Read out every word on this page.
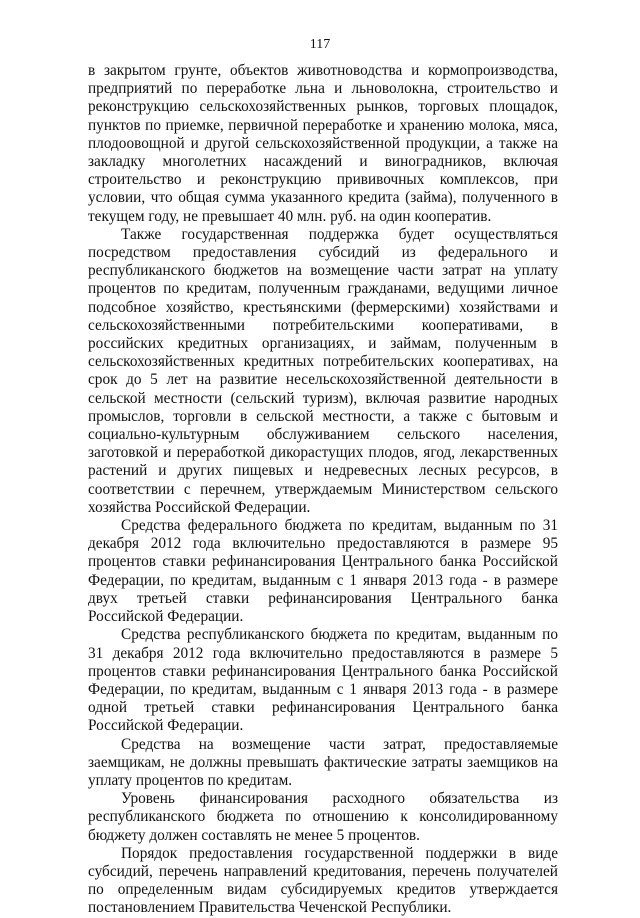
117

в закрытом грунте, объектов животноводства и кормопроизводства, предприятий по переработке льна и льноволокна, строительство и реконструкцию сельскохозяйственных рынков, торговых площадок, пунктов по приемке, первичной переработке и хранению молока, мяса, плодоовощной и другой сельскохозяйственной продукции, а также на закладку многолетних насаждений и виноградников, включая строительство и реконструкцию прививочных комплексов, при условии, что общая сумма указанного кредита (займа), полученного в текущем году, не превышает 40 млн. руб. на один кооператив.

Также государственная поддержка будет осуществляться посредством предоставления субсидий из федерального и республиканского бюджетов на возмещение части затрат на уплату процентов по кредитам, полученным гражданами, ведущими личное подсобное хозяйство, крестьянскими (фермерскими) хозяйствами и сельскохозяйственными потребительскими кооперативами, в российских кредитных организациях, и займам, полученным в сельскохозяйственных кредитных потребительских кооперативах, на срок до 5 лет на развитие несельскохозяйственной деятельности в сельской местности (сельский туризм), включая развитие народных промыслов, торговли в сельской местности, а также с бытовым и социально-культурным обслуживанием сельского населения, заготовкой и переработкой дикорастущих плодов, ягод, лекарственных растений и других пищевых и недревесных лесных ресурсов, в соответствии с перечнем, утверждаемым Министерством сельского хозяйства Российской Федерации.

Средства федерального бюджета по кредитам, выданным по 31 декабря 2012 года включительно предоставляются в размере 95 процентов ставки рефинансирования Центрального банка Российской Федерации, по кредитам, выданным с 1 января 2013 года - в размере двух третьей ставки рефинансирования Центрального банка Российской Федерации.

Средства республиканского бюджета по кредитам, выданным по 31 декабря 2012 года включительно предоставляются в размере 5 процентов ставки рефинансирования Центрального банка Российской Федерации, по кредитам, выданным с 1 января 2013 года - в размере одной третьей ставки рефинансирования Центрального банка Российской Федерации.

Средства на возмещение части затрат, предоставляемые заемщикам, не должны превышать фактические затраты заемщиков на уплату процентов по кредитам.

Уровень финансирования расходного обязательства из республиканского бюджета по отношению к консолидированному бюджету должен составлять не менее 5 процентов.

Порядок предоставления государственной поддержки в виде субсидий, перечень направлений кредитования, перечень получателей по определенным видам субсидируемых кредитов утверждается постановлением Правительства Чеченской Республики.
